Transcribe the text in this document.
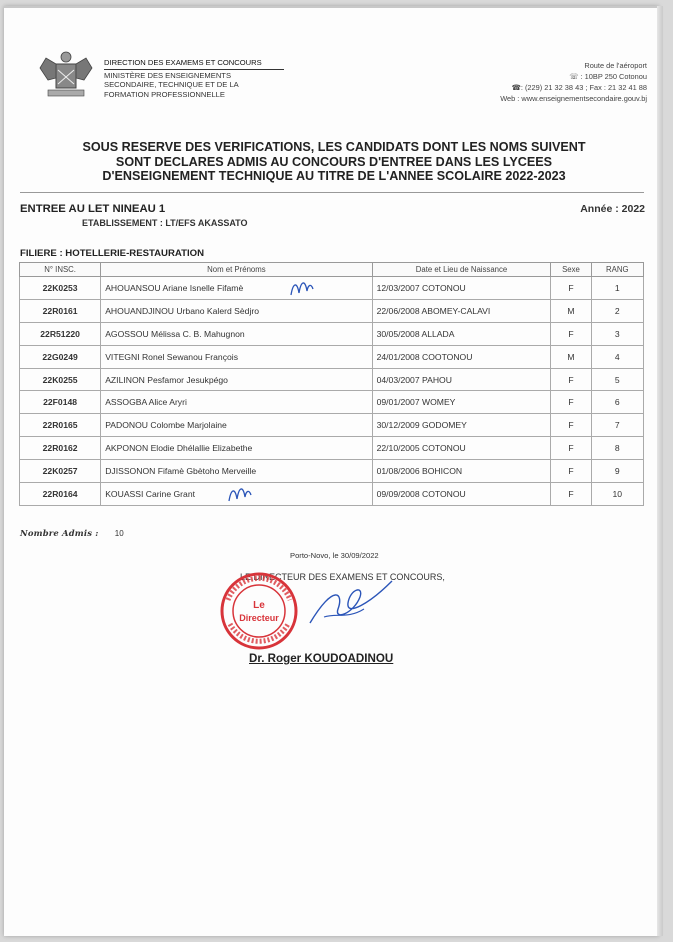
DIRECTION DES EXAMEMS ET CONCOURS
MINISTÈRE DES ENSEIGNEMENTS
SECONDAIRE, TECHNIQUE ET DE LA
FORMATION PROFESSIONNELLE
Route de l'aéroport
☏ : 10BP 250 Cotonou
☎: (229) 21 32 38 43 ; Fax : 21 32 41 88
Web : www.enseignementsecondaire.gouv.bj
SOUS RESERVE DES VERIFICATIONS, LES CANDIDATS DONT LES NOMS SUIVENT
SONT DECLARES ADMIS AU CONCOURS D'ENTREE DANS LES LYCEES
D'ENSEIGNEMENT TECHNIQUE AU TITRE DE L'ANNEE SCOLAIRE 2022-2023
ENTREE AU LET NINEAU 1	Année : 2022
ETABLISSEMENT : LT/EFS AKASSATO
FILIERE : HOTELLERIE-RESTAURATION
N° INSC.	Nom et Prénoms	Date et Lieu de Naissance	Sexe	RANG
22K0253	AHOUANSOU Ariane Isnelle Fifamè	12/03/2007 COTONOU	F	1
22R0161	AHOUANDJINOU Urbano Kalerd Sèdjro	22/06/2008 ABOMEY-CALAVI	M	2
22R51220	AGOSSOU Mélissa C. B. Mahugnon	30/05/2008 ALLADA	F	3
22G0249	VITEGNI Ronel Sewanou François	24/01/2008 COOTONOU	M	4
22K0255	AZILINON Pesfamor Jesukpégo	04/03/2007 PAHOU	F	5
22F0148	ASSOGBA Alice Aryri	09/01/2007 WOMEY	F	6
22R0165	PADONOU Colombe Marjolaine	30/12/2009 GODOMEY	F	7
22R0162	AKPONON Elodie Dhélallie Elizabethe	22/10/2005 COTONOU	F	8
22K0257	DJISSONON Fifamè Gbètoho Merveille	01/08/2006 BOHICON	F	9
22R0164	KOUASSI Carine Grant	09/09/2008 COTONOU	F	10
Nombre Admis : 10
Porto-Novo, le 30/09/2022
LE DIRECTEUR DES EXAMENS ET CONCOURS,
Le
Directeur
Dr. Roger KOUDOADINOU
